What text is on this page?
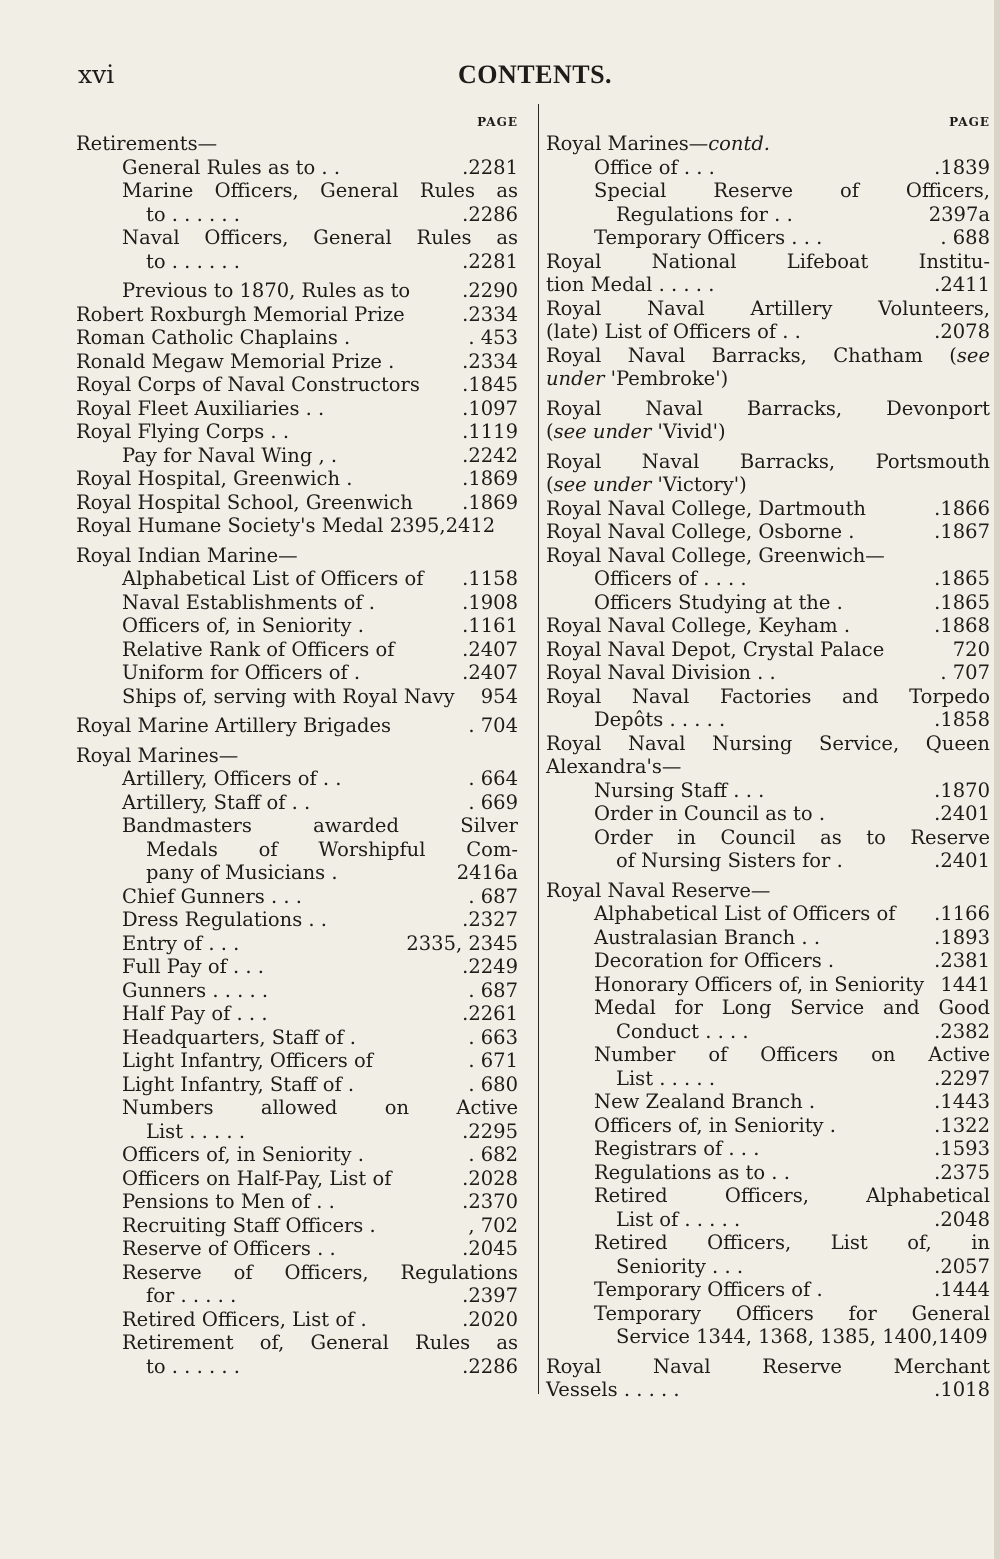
xvi	CONTENTS.
PAGE
Retirements—
General Rules as to . .	.2281
Marine Officers, General Rules as
to . . . . . .	.2286
Naval Officers, General Rules as
to . . . . . .	.2281
Previous to 1870, Rules as to	.2290
Robert Roxburgh Memorial Prize	.2334
Roman Catholic Chaplains .	. 453
Ronald Megaw Memorial Prize .	.2334
Royal Corps of Naval Constructors .1845
Royal Fleet Auxiliaries . .	.1097
Royal Flying Corps . .	.1119
Pay for Naval Wing , .	.2242
Royal Hospital, Greenwich .	.1869
Royal Hospital School, Greenwich	.1869
Royal Humane Society's Medal 2395,2412
Royal Indian Marine—
Alphabetical List of Officers of .1158
Naval Establishments of .	.1908
Officers of, in Seniority .	.1161
Relative Rank of Officers of	.2407
Uniform for Officers of .	.2407
Ships of, serving with Royal Navy 954
Royal Marine Artillery Brigades	. 704
Royal Marines—
Artillery, Officers of . .	. 664
Artillery, Staff of . .	. 669
Bandmasters awarded Silver
Medals of Worshipful Com-
pany of Musicians .	2416a
Chief Gunners . . .	. 687
Dress Regulations . .	.2327
Entry of . . .	2335, 2345
Full Pay of . . .	.2249
Gunners . . . . .	. 687
Half Pay of . . .	.2261
Headquarters, Staff of .	. 663
Light Infantry, Officers of	. 671
Light Infantry, Staff of .	. 680
Numbers allowed on Active
List . . . . .	.2295
Officers of, in Seniority .	. 682
Officers on Half-Pay, List of	.2028
Pensions to Men of . .	.2370
Recruiting Staff Officers .	, 702
Reserve of Officers . .	.2045
Reserve of Officers, Regulations
for . . . . .	.2397
Retired Officers, List of .	.2020
Retirement of, General Rules as
to . . . . . .	.2286
PAGE
Royal Marines—contd.
Office of . . .	.1839
Special Reserve of Officers,
Regulations for . .	2397a
Temporary Officers . . .	. 688
Royal National Lifeboat Institu-
tion Medal . . . . .	.2411
Royal Naval Artillery Volunteers,
(late) List of Officers of . .	.2078
Royal Naval Barracks, Chatham (see
under 'Pembroke')
Royal Naval Barracks, Devonport
(see under 'Vivid')
Royal Naval Barracks, Portsmouth
(see under 'Victory')
Royal Naval College, Dartmouth	.1866
Royal Naval College, Osborne .	.1867
Royal Naval College, Greenwich—
Officers of . . . .	.1865
Officers Studying at the .	.1865
Royal Naval College, Keyham .	.1868
Royal Naval Depot, Crystal Palace	720
Royal Naval Division . .	. 707
Royal Naval Factories and Torpedo
Depôts . . . . .	.1858
Royal Naval Nursing Service, Queen
Alexandra's—
Nursing Staff . . .	.1870
Order in Council as to .	.2401
Order in Council as to Reserve
of Nursing Sisters for .	.2401
Royal Naval Reserve—
Alphabetical List of Officers of .1166
Australasian Branch . .	.1893
Decoration for Officers .	.2381
Honorary Officers of, in Seniority 1441
Medal for Long Service and Good
Conduct . . . .	.2382
Number of Officers on Active
List . . . . .	.2297
New Zealand Branch .	.1443
Officers of, in Seniority .	.1322
Registrars of . . .	.1593
Regulations as to . .	.2375
Retired Officers, Alphabetical
List of . . . . .	.2048
Retired Officers, List of, in
Seniority . . .	.2057
Temporary Officers of .	.1444
Temporary Officers for General
Service 1344, 1368, 1385, 1400,1409
Royal Naval Reserve Merchant
Vessels . . . . .	.1018
